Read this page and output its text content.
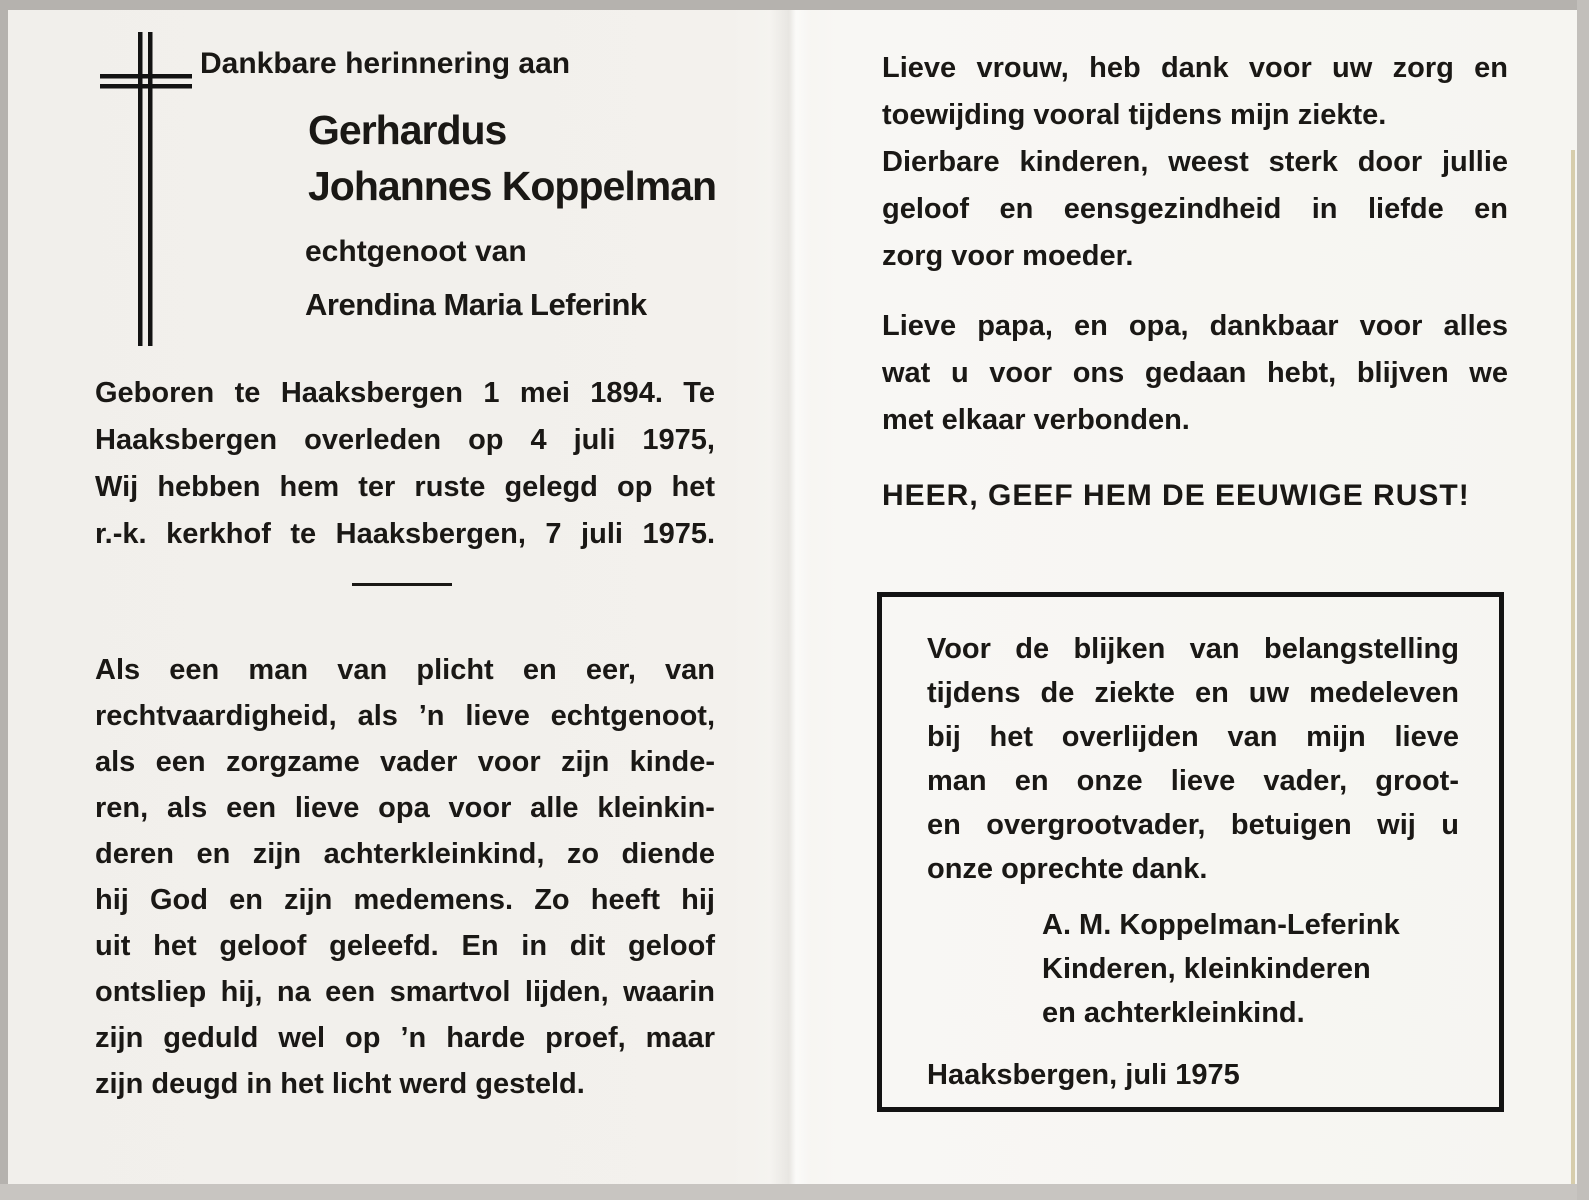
Dankbare herinnering aan
Gerhardus
Johannes Koppelman
echtgenoot van
Arendina Maria Leferink
Geboren te Haaksbergen 1 mei 1894. Te
Haaksbergen overleden op 4 juli 1975,
Wij hebben hem ter ruste gelegd op het
r.-k. kerkhof te Haaksbergen, 7 juli 1975.
Als een man van plicht en eer, van
rechtvaardigheid, als ’n lieve echtgenoot,
als een zorgzame vader voor zijn kinde-
ren, als een lieve opa voor alle kleinkin-
deren en zijn achterkleinkind, zo diende
hij God en zijn medemens. Zo heeft hij
uit het geloof geleefd. En in dit geloof
ontsliep hij, na een smartvol lijden, waarin
zijn geduld wel op ’n harde proef, maar
zijn deugd in het licht werd gesteld.
Lieve vrouw, heb dank voor uw zorg en
toewijding vooral tijdens mijn ziekte.
Dierbare kinderen, weest sterk door jullie
geloof en eensgezindheid in liefde en
zorg voor moeder.
Lieve papa, en opa, dankbaar voor alles
wat u voor ons gedaan hebt, blijven we
met elkaar verbonden.
HEER, GEEF HEM DE EEUWIGE RUST!
Voor de blijken van belangstelling
tijdens de ziekte en uw medeleven
bij het overlijden van mijn lieve
man en onze lieve vader, groot-
en overgrootvader, betuigen wij u
onze oprechte dank.
A. M. Koppelman-Leferink
Kinderen, kleinkinderen
en achterkleinkind.
Haaksbergen, juli 1975
